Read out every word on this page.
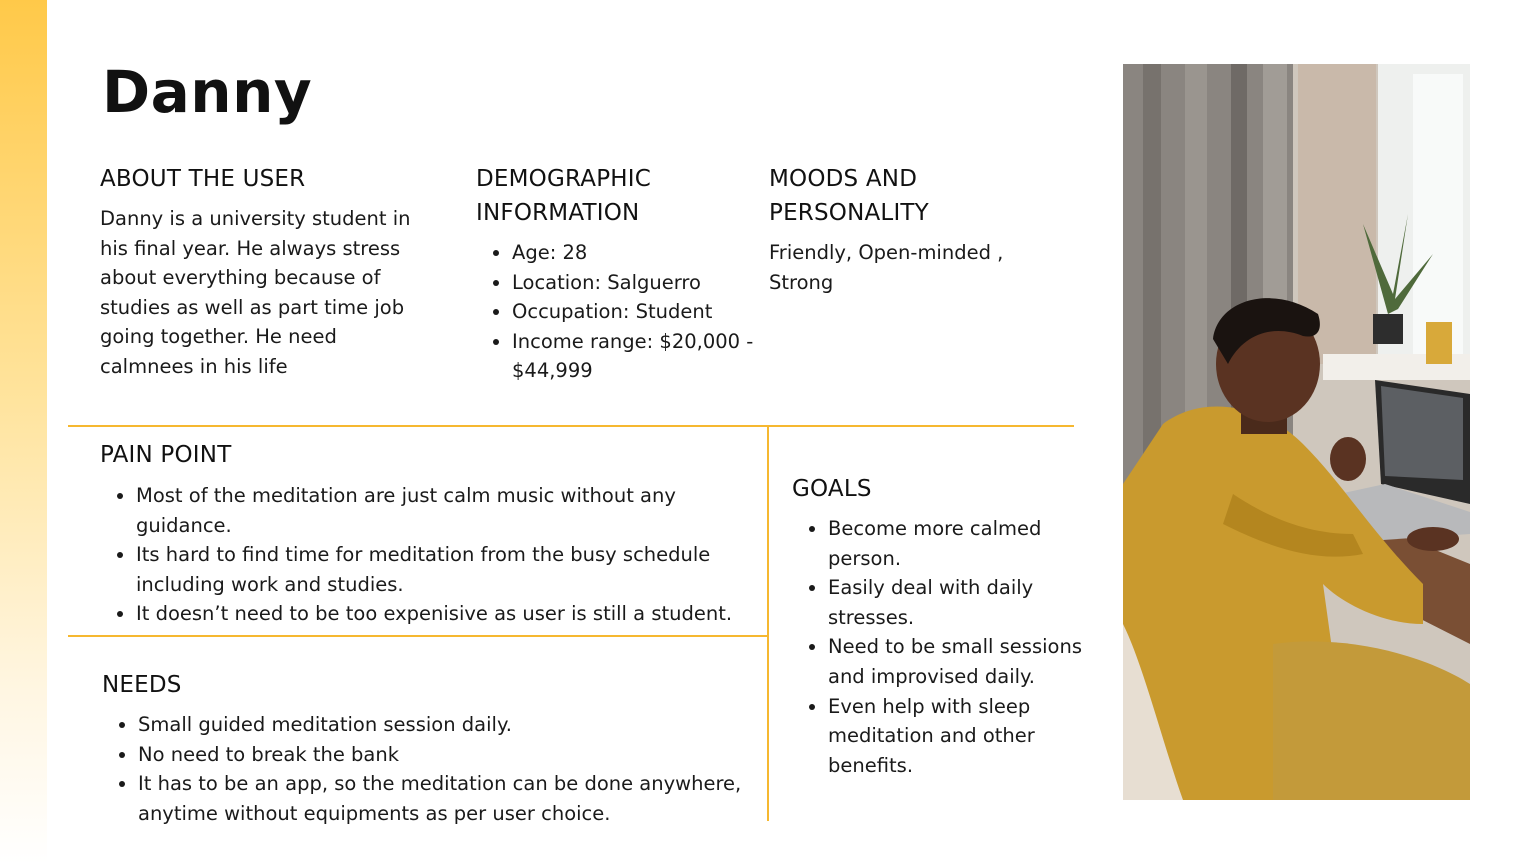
Danny
ABOUT THE USER
Danny is a university student in
his final year. He always stress
about everything because of
studies as well as part time job
going together. He need
calmnees in his life
DEMOGRAPHIC
INFORMATION
• Age: 28
• Location: Salguerro
• Occupation: Student
• Income range: $20,000 - $44,999
MOODS AND
PERSONALITY
Friendly, Open-minded ,
Strong
PAIN POINT
• Most of the meditation are just calm music without any guidance.
• Its hard to find time for meditation from the busy schedule including work and studies.
• It doesn’t need to be too expenisive as user is still a student.
NEEDS
• Small guided meditation session daily.
• No need to break the bank
• It has to be an app, so the meditation can be done anywhere, anytime without equipments as per user choice.
GOALS
• Become more calmed person.
• Easily deal with daily stresses.
• Need to be small sessions and improvised daily.
• Even help with sleep meditation and other benefits.
